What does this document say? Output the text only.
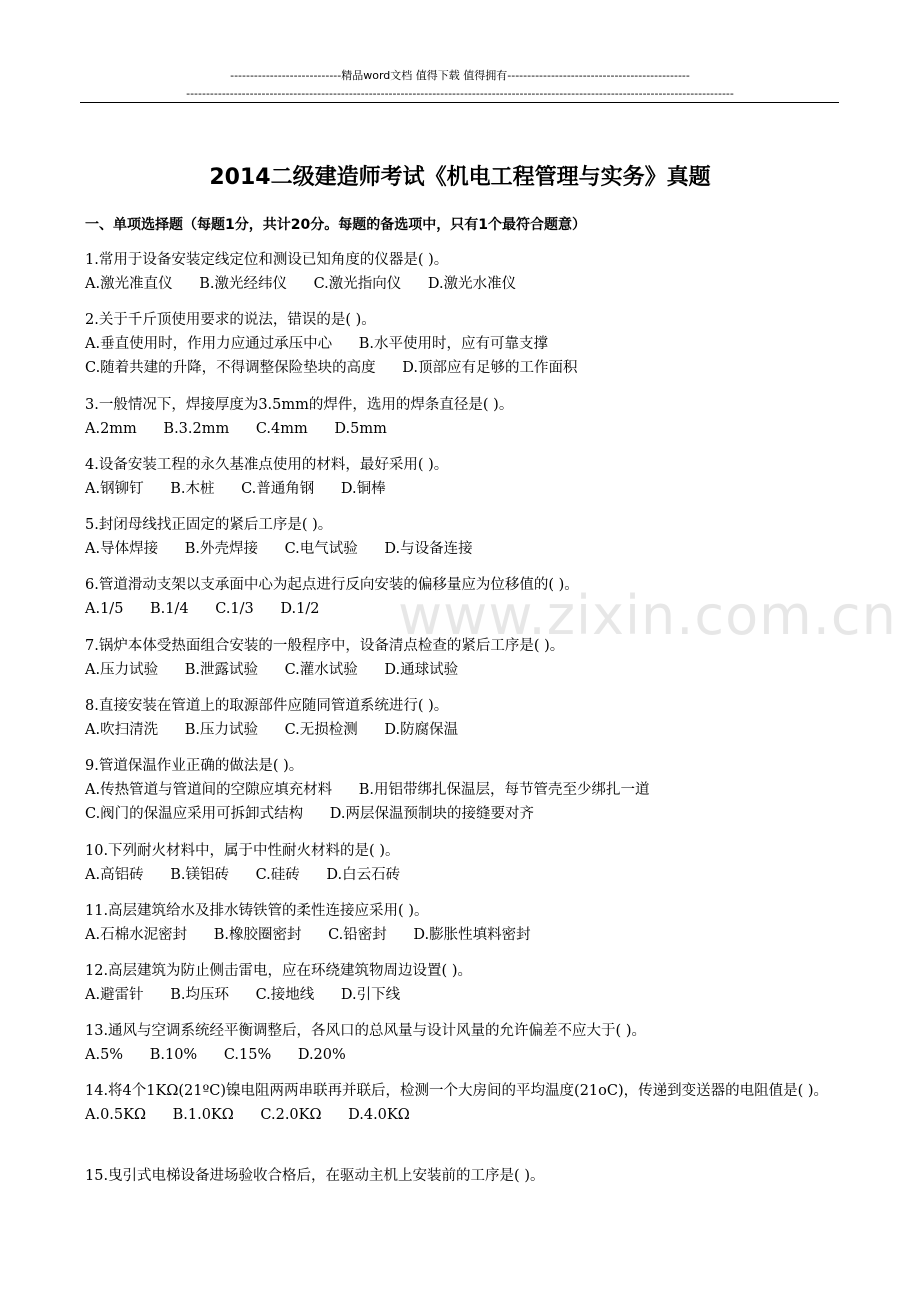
----------------------------精品word文档 值得下载 值得拥有----------------------------------------------
------------------------------------------------------------------------------------------------------------------------------------------
2014二级建造师考试《机电工程管理与实务》真题
一、单项选择题（每题1分，共计20分。每题的备选项中，只有1个最符合题意）
www.zixin.com.cn
1.常用于设备安装定线定位和测设已知角度的仪器是( )。
A.激光准直仪 B.激光经纬仪 C.激光指向仪 D.激光水准仪
2.关于千斤顶使用要求的说法，错误的是( )。
A.垂直使用时，作用力应通过承压中心 B.水平使用时，应有可靠支撑
C.随着共建的升降，不得调整保险垫块的高度 D.顶部应有足够的工作面积
3.一般情况下，焊接厚度为3.5mm的焊件，选用的焊条直径是( )。
A.2mm B.3.2mm C.4mm D.5mm
4.设备安装工程的永久基准点使用的材料，最好采用( )。
A.钢铆钉 B.木桩 C.普通角钢 D.铜棒
5.封闭母线找正固定的紧后工序是( )。
A.导体焊接 B.外壳焊接 C.电气试验 D.与设备连接
6.管道滑动支架以支承面中心为起点进行反向安装的偏移量应为位移值的( )。
A.1/5 B.1/4 C.1/3 D.1/2
7.锅炉本体受热面组合安装的一般程序中，设备清点检查的紧后工序是( )。
A.压力试验 B.泄露试验 C.灌水试验 D.通球试验
8.直接安装在管道上的取源部件应随同管道系统进行( )。
A.吹扫清洗 B.压力试验 C.无损检测 D.防腐保温
9.管道保温作业正确的做法是( )。
A.传热管道与管道间的空隙应填充材料 B.用铝带绑扎保温层，每节管壳至少绑扎一道
C.阀门的保温应采用可拆卸式结构 D.两层保温预制块的接缝要对齐
10.下列耐火材料中，属于中性耐火材料的是( )。
A.高铝砖 B.镁铝砖 C.硅砖 D.白云石砖
11.高层建筑给水及排水铸铁管的柔性连接应采用( )。
A.石棉水泥密封 B.橡胶圈密封 C.铅密封 D.膨胀性填料密封
12.高层建筑为防止侧击雷电，应在环绕建筑物周边设置( )。
A.避雷针 B.均压环 C.接地线 D.引下线
13.通风与空调系统经平衡调整后，各风口的总风量与设计风量的允许偏差不应大于( )。
A.5% B.10% C.15% D.20%
14.将4个1KΩ(21ºC)镍电阻两两串联再并联后，检测一个大房间的平均温度(21oC)，传递到变送器的电阻值是( )。
A.0.5KΩ B.1.0KΩ C.2.0KΩ D.4.0KΩ
15.曳引式电梯设备进场验收合格后，在驱动主机上安装前的工序是( )。
